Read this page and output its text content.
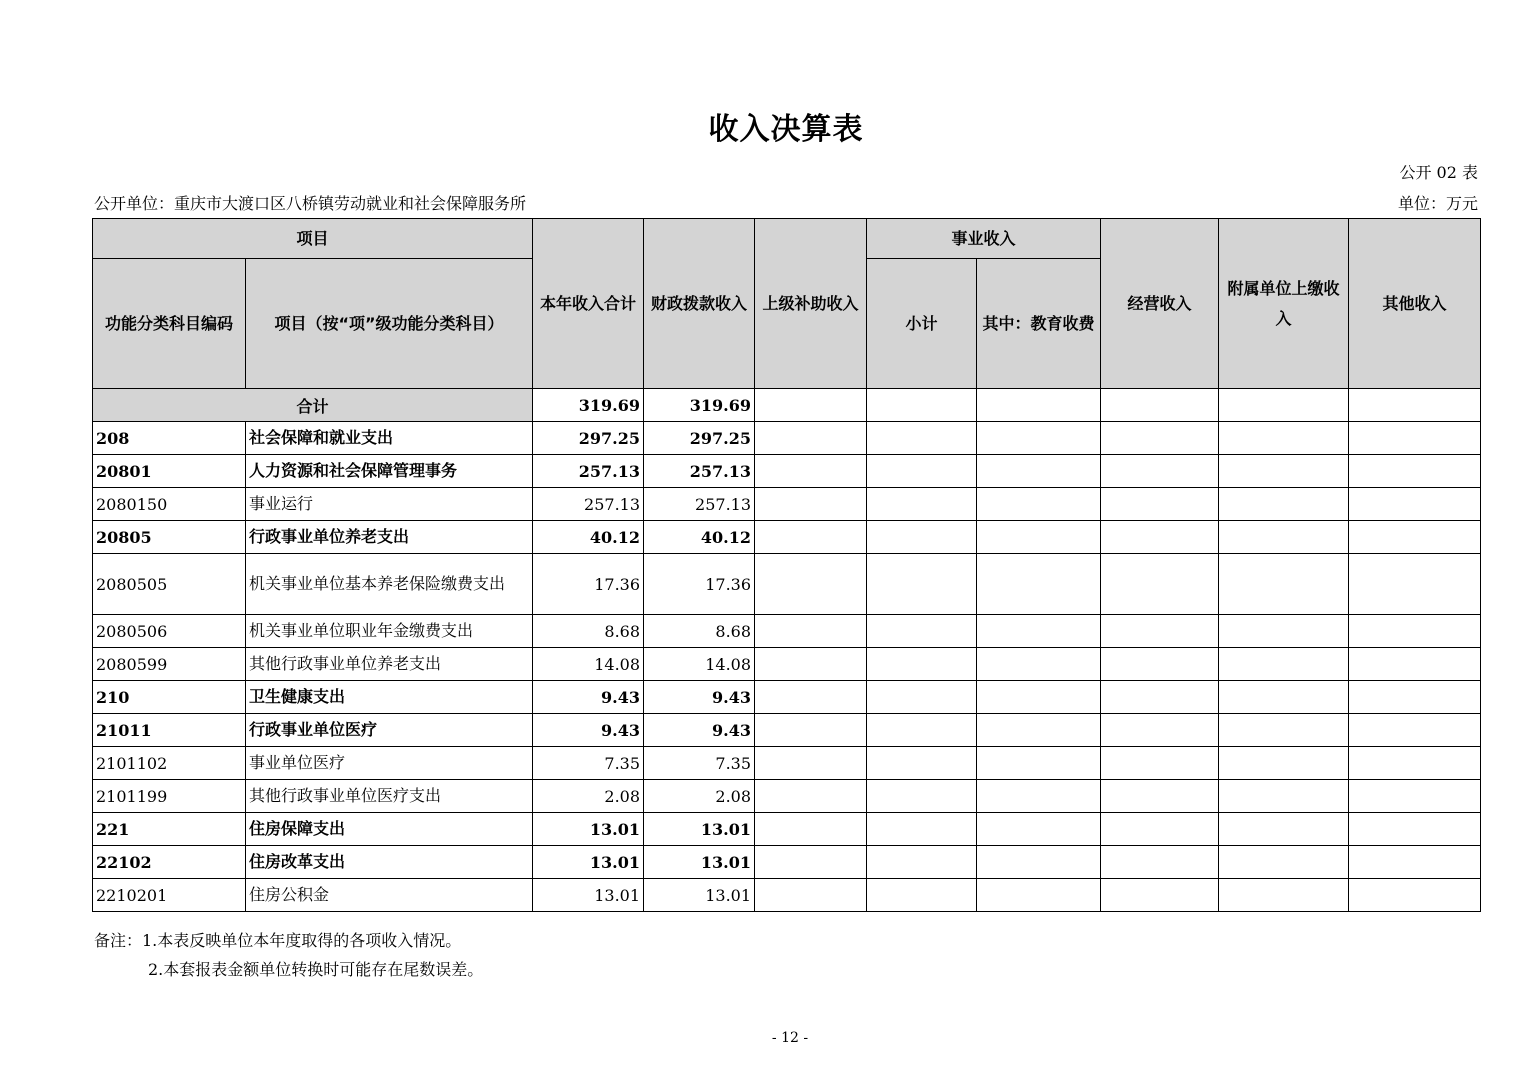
收入决算表
公开 02 表
公开单位：重庆市大渡口区八桥镇劳动就业和社会保障服务所	单位：万元
项目		本年收入合计	财政拨款收入	上级补助收入	事业收入		经营收入	附属单位上缴收入	其他收入
功能分类科目编码	项目（按“项”级功能分类科目）				小计	其中：教育收费			
合计		319.69	319.69						
208	社会保障和就业支出	297.25	297.25						
20801	人力资源和社会保障管理事务	257.13	257.13						
2080150	事业运行	257.13	257.13						
20805	行政事业单位养老支出	40.12	40.12						
2080505	机关事业单位基本养老保险缴费支出	17.36	17.36						
2080506	机关事业单位职业年金缴费支出	8.68	8.68						
2080599	其他行政事业单位养老支出	14.08	14.08						
210	卫生健康支出	9.43	9.43						
21011	行政事业单位医疗	9.43	9.43						
2101102	事业单位医疗	7.35	7.35						
2101199	其他行政事业单位医疗支出	2.08	2.08						
221	住房保障支出	13.01	13.01						
22102	住房改革支出	13.01	13.01						
2210201	住房公积金	13.01	13.01						
备注：1.本表反映单位本年度取得的各项收入情况。
2.本套报表金额单位转换时可能存在尾数误差。
- 12 -
